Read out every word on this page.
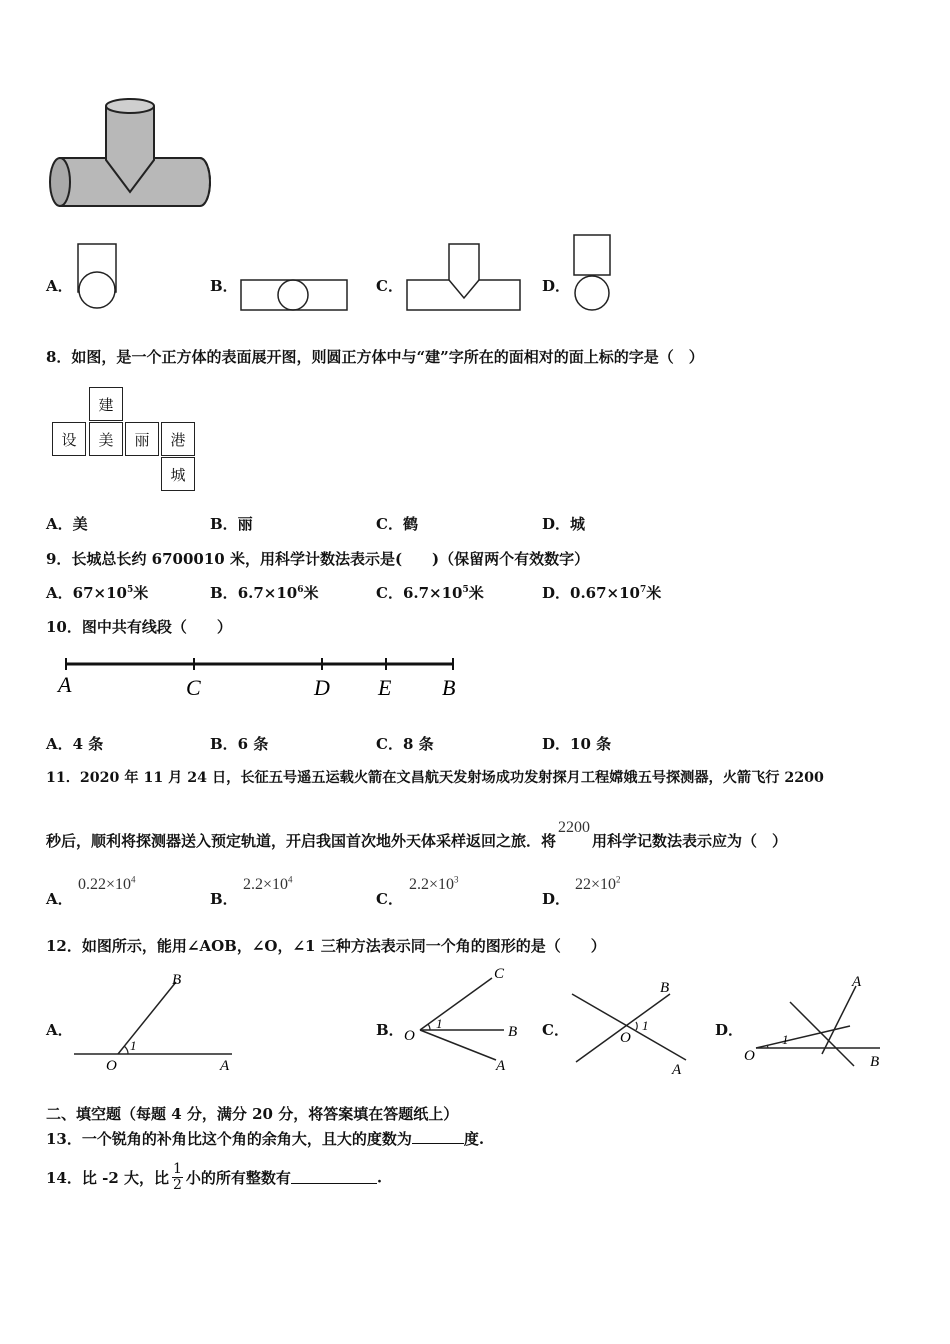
A．	B．	C．	D．
8．如图，是一个正方体的表面展开图，则圆正方体中与“建”字所在的面相对的面上标的字是（　）
建
设	美	丽	港
城
A．美	B．丽	C．鹤	D．城
9．长城总长约 6700010 米，用科学计数法表示是(　　)（保留两个有效数字）
A．$67\times 10^5$米	B．$6.7\times 10^6$米	C．$6.7\times 10^5$米	D．$0.67\times 10^7$米
10．图中共有线段（　　）
A	C	D E B
A．4 条	B．6 条	C．8 条	D．10 条
11．2020 年 11 月 24 日，长征五号遥五运载火箭在文昌航天发射场成功发射探月工程嫦娥五号探测器，火箭飞行 2200
秒后，顺利将探测器送入预定轨道，开启我国首次地外天体采样返回之旅．将2200用科学记数法表示应为（　）
A．
$0.22\times 10^4$
B．
$2.2\times 10^4$
C．
$2.2\times 10^3$
D．
$22\times 10^2$
12．如图所示，能用∠AOB，∠O，∠1 三种方法表示同一个角的图形的是（　　）
A．
1
O	A
B
B． 1
O	B
C
A
C．	1
O
B
A
D．
1
O	B
A
二、填空题（每题 4 分，满分 20 分，将答案填在答题纸上）
13．一个锐角的补角比这个角的余角大，且大的度数为	度.
14．比 -2 大，比 $\frac{1}{2}$ 小的所有整数有	.
